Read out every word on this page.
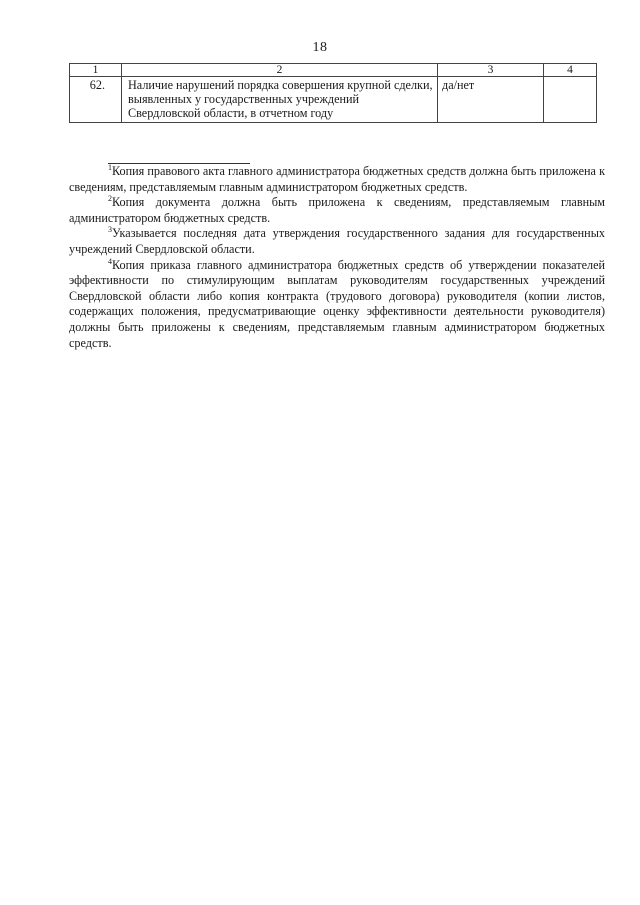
18
1	2	3	4
62.	Наличие нарушений порядка совершения крупной сделки, выявленных у государственных учреждений Свердловской области, в отчетном году	да/нет	

$^1$Копия правового акта главного администратора бюджетных средств должна быть приложена к сведениям, представляемым главным администратором бюджетных средств.

$^2$Копия документа должна быть приложена к сведениям, представляемым главным администратором бюджетных средств.

$^3$Указывается последняя дата утверждения государственного задания для государственных учреждений Свердловской области.

$^4$Копия приказа главного администратора бюджетных средств об утверждении показателей эффективности по стимулирующим выплатам руководителям государственных учреждений Свердловской области либо копия контракта (трудового договора) руководителя (копии листов, содержащих положения, предусматривающие оценку эффективности деятельности руководителя) должны быть приложены к сведениям, представляемым главным администратором бюджетных средств.
